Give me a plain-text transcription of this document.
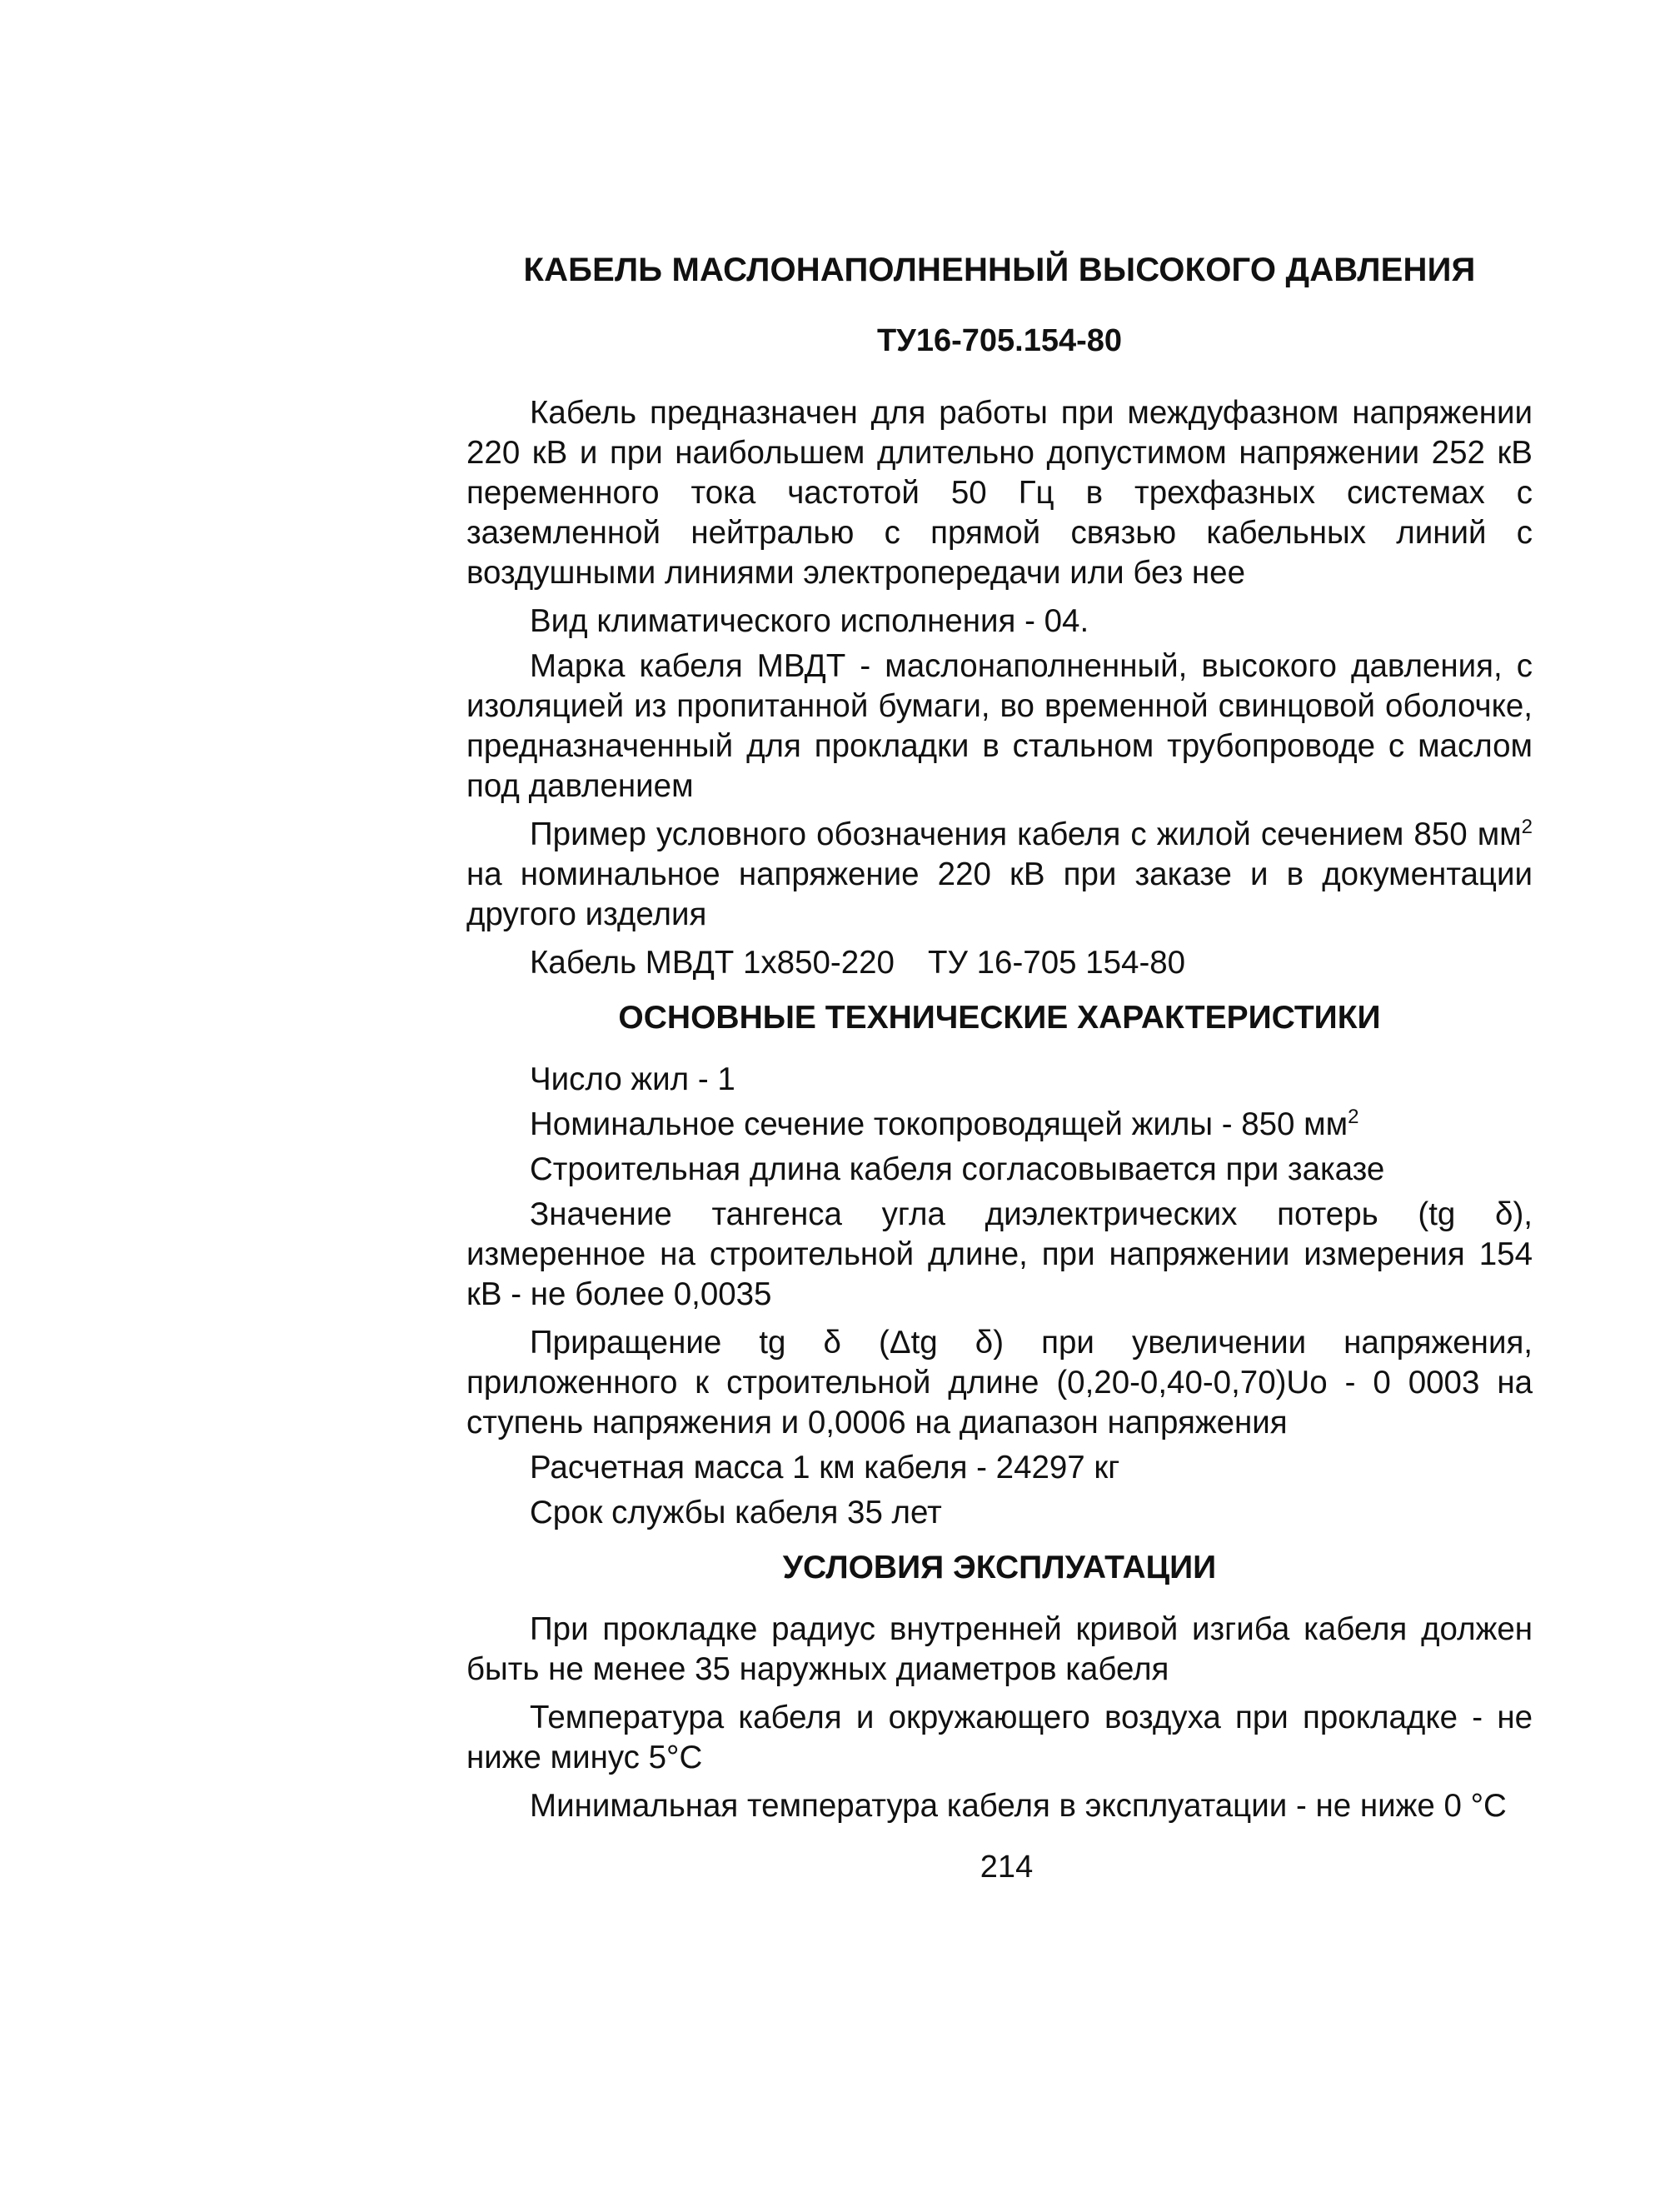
КАБЕЛЬ МАСЛОНАПОЛНЕННЫЙ ВЫСОКОГО ДАВЛЕНИЯ
ТУ16-705.154-80

Кабель предназначен для работы при междуфазном напряжении 220 кВ и при наибольшем длительно допустимом напряжении 252 кВ переменного тока частотой 50 Гц в трехфазных системах с заземленной нейтралью с прямой связью кабельных линий с воздушными линиями электропередачи или без нее

Вид климатического исполнения - 04.

Марка кабеля МВДТ - маслонаполненный, высокого давления, с изоляцией из пропитанной бумаги, во временной свинцовой оболочке, предназначенный для прокладки в стальном трубопроводе с маслом под давлением

Пример условного обозначения кабеля с жилой сечением 850 $мм^2$ на номинальное напряжение 220 кВ при заказе и в документации другого изделия

Кабель МВДТ 1х850-220 ТУ 16-705 154-80
ОСНОВНЫЕ ТЕХНИЧЕСКИЕ ХАРАКТЕРИСТИКИ
Число жил - 1
Номинальное сечение токопроводящей жилы - 850 $мм^2$
Строительная длина кабеля согласовывается при заказе

Значение тангенса угла диэлектрических потерь (tg δ), измеренное на строительной длине, при напряжении измерения 154 кВ - не более 0,0035

Приращение tg δ (Δtg δ) при увеличении напряжения, приложенного к строительной длине (0,20-0,40-0,70)Uо - 0 0003 на ступень напряжения и 0,0006 на диапазон напряжения

Расчетная масса 1 км кабеля - 24297 кг
Срок службы кабеля 35 лет
УСЛОВИЯ ЭКСПЛУАТАЦИИ

При прокладке радиус внутренней кривой изгиба кабеля должен быть не менее 35 наружных диаметров кабеля

Температура кабеля и окружающего воздуха при прокладке - не ниже минус 5°С

Минимальная температура кабеля в эксплуатации - не ниже 0 °С

214
